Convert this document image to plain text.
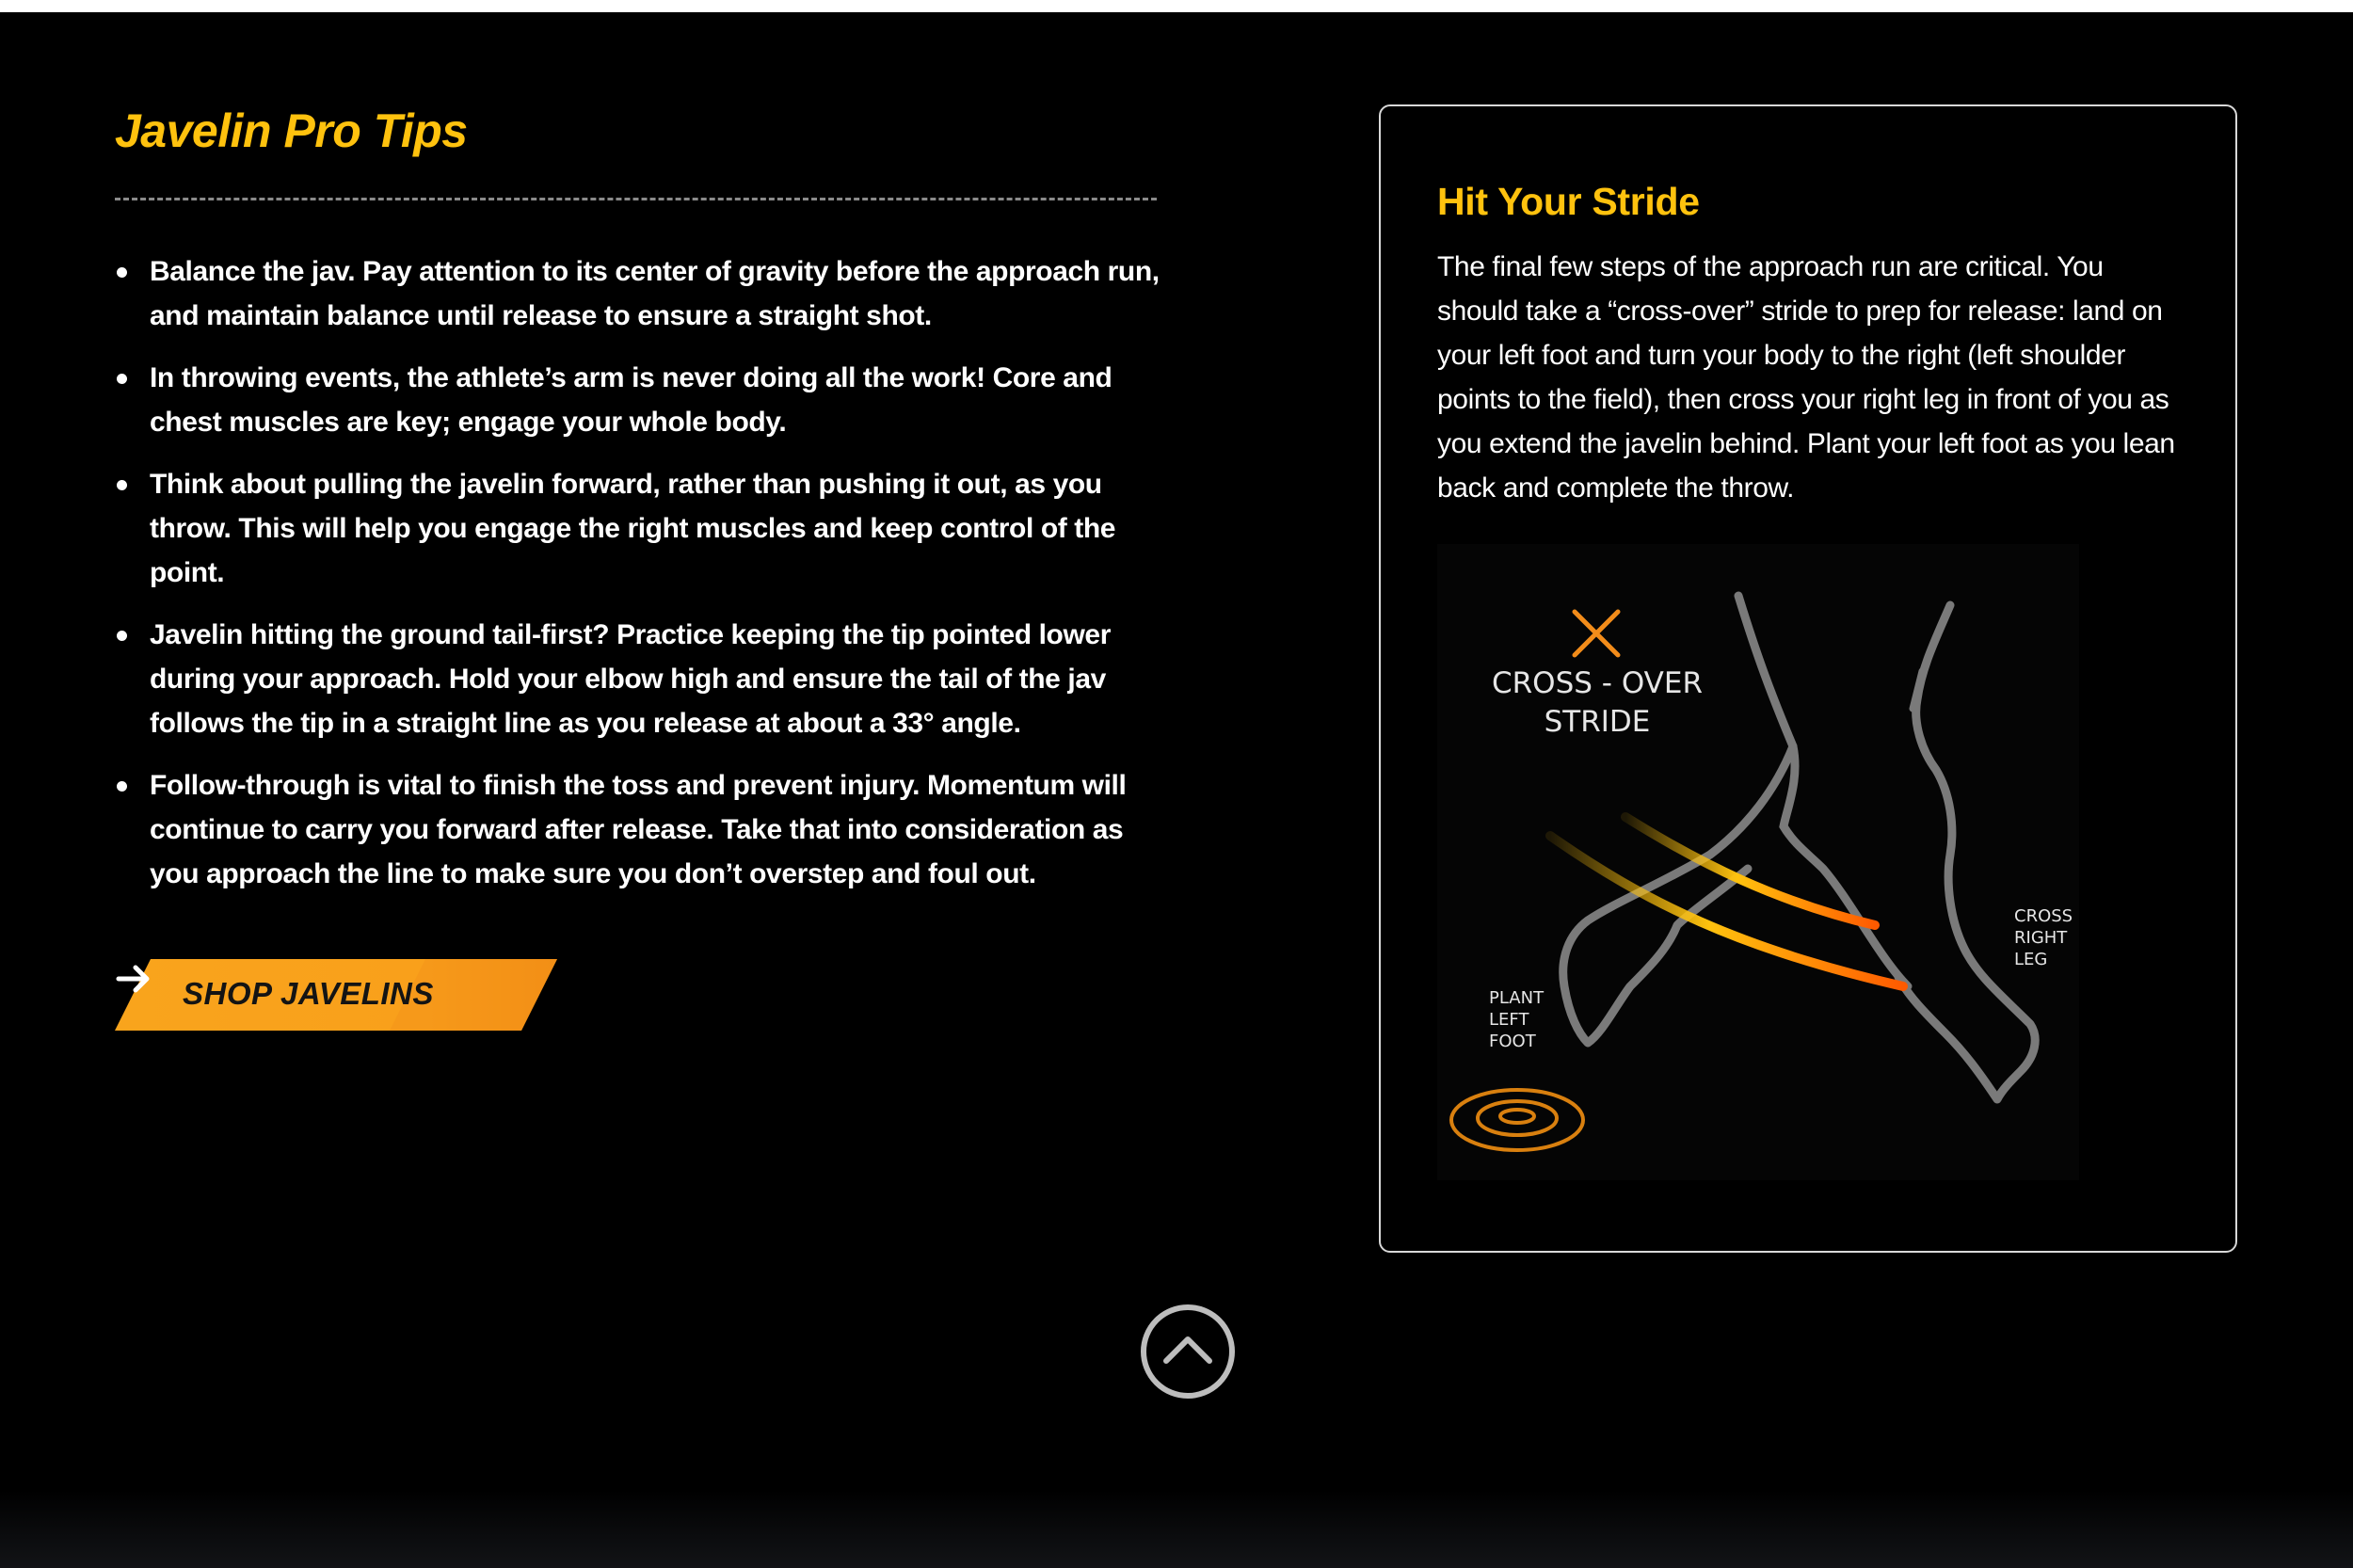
Javelin Pro Tips
Balance the jav. Pay attention to its center of gravity before the approach run, and maintain balance until release to ensure a straight shot.
In throwing events, the athlete’s arm is never doing all the work! Core and chest muscles are key; engage your whole body.
Think about pulling the javelin forward, rather than pushing it out, as you throw. This will help you engage the right muscles and keep control of the point.
Javelin hitting the ground tail-first? Practice keeping the tip pointed lower during your approach. Hold your elbow high and ensure the tail of the jav follows the tip in a straight line as you release at about a 33° angle.
Follow-through is vital to finish the toss and prevent injury. Momentum will continue to carry you forward after release. Take that into consideration as you approach the line to make sure you don’t overstep and foul out.
SHOP JAVELINS
Hit Your Stride

The final few steps of the approach run are critical. You should take a “cross-over” stride to prep for release: land on your left foot and turn your body to the right (left shoulder points to the field), then cross your right leg in front of you as you extend the javelin behind. Plant your left foot as you lean back and complete the throw.

CROSS - OVER
STRIDE
PLANT
LEFT
FOOT
CROSS
RIGHT
LEG
